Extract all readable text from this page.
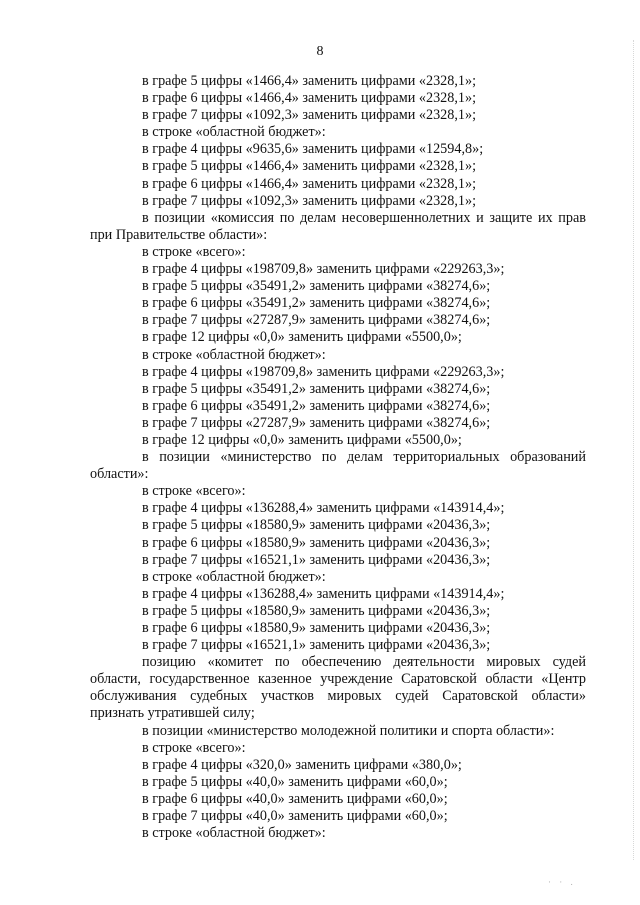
8
в графе 5 цифры «1466,4» заменить цифрами «2328,1»;
в графе 6 цифры «1466,4» заменить цифрами «2328,1»;
в графе 7 цифры «1092,3» заменить цифрами «2328,1»;
в строке «областной бюджет»:
в графе 4 цифры «9635,6» заменить цифрами «12594,8»;
в графе 5 цифры «1466,4» заменить цифрами «2328,1»;
в графе 6 цифры «1466,4» заменить цифрами «2328,1»;
в графе 7 цифры «1092,3» заменить цифрами «2328,1»;
в позиции «комиссия по делам несовершеннолетних и защите их прав
при Правительстве области»:
в строке «всего»:
в графе 4 цифры «198709,8» заменить цифрами «229263,3»;
в графе 5 цифры «35491,2» заменить цифрами «38274,6»;
в графе 6 цифры «35491,2» заменить цифрами «38274,6»;
в графе 7 цифры «27287,9» заменить цифрами «38274,6»;
в графе 12 цифры «0,0» заменить цифрами «5500,0»;
в строке «областной бюджет»:
в графе 4 цифры «198709,8» заменить цифрами «229263,3»;
в графе 5 цифры «35491,2» заменить цифрами «38274,6»;
в графе 6 цифры «35491,2» заменить цифрами «38274,6»;
в графе 7 цифры «27287,9» заменить цифрами «38274,6»;
в графе 12 цифры «0,0» заменить цифрами «5500,0»;
в позиции «министерство по делам территориальных образований
области»:
в строке «всего»:
в графе 4 цифры «136288,4» заменить цифрами «143914,4»;
в графе 5 цифры «18580,9» заменить цифрами «20436,3»;
в графе 6 цифры «18580,9» заменить цифрами «20436,3»;
в графе 7 цифры «16521,1» заменить цифрами «20436,3»;
в строке «областной бюджет»:
в графе 4 цифры «136288,4» заменить цифрами «143914,4»;
в графе 5 цифры «18580,9» заменить цифрами «20436,3»;
в графе 6 цифры «18580,9» заменить цифрами «20436,3»;
в графе 7 цифры «16521,1» заменить цифрами «20436,3»;
позицию «комитет по обеспечению деятельности мировых судей
области, государственное казенное учреждение Саратовской области «Центр
обслуживания судебных участков мировых судей Саратовской области»
признать утратившей силу;
в позиции «министерство молодежной политики и спорта области»:
в строке «всего»:
в графе 4 цифры «320,0» заменить цифрами «380,0»;
в графе 5 цифры «40,0» заменить цифрами «60,0»;
в графе 6 цифры «40,0» заменить цифрами «60,0»;
в графе 7 цифры «40,0» заменить цифрами «60,0»;
в строке «областной бюджет»:
· · .
